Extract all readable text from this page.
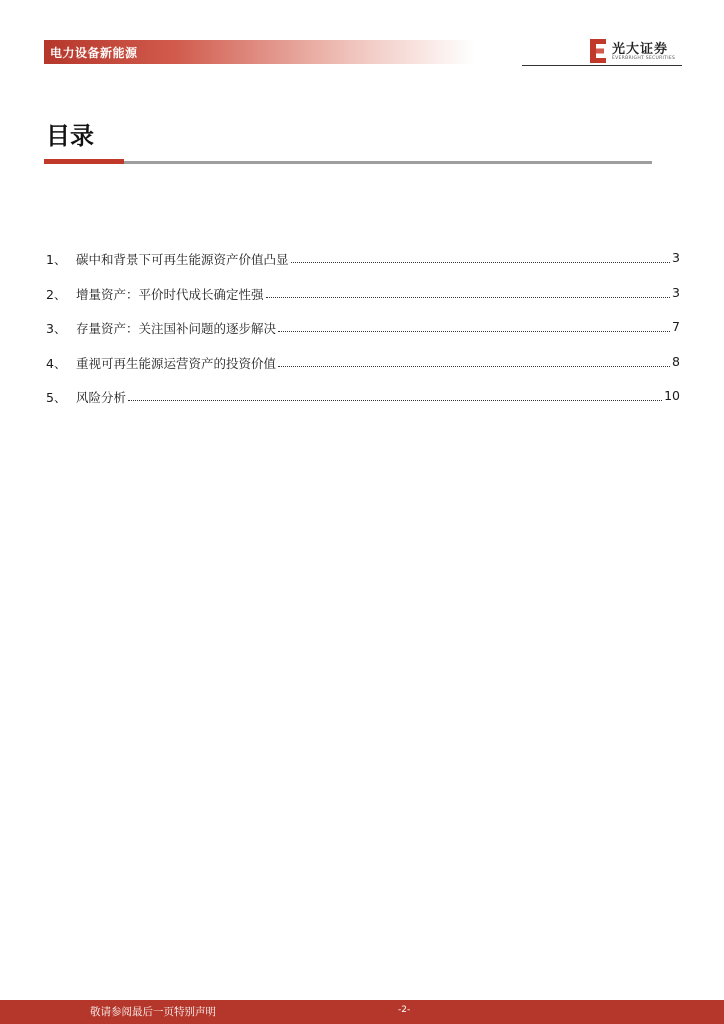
电力设备新能源	光大证券
EVERBRIGHT SECURITIES
目录
1、 碳中和背景下可再生能源资产价值凸显	3
2、 增量资产：平价时代成长确定性强	3
3、 存量资产：关注国补问题的逐步解决	7
4、 重视可再生能源运营资产的投资价值	8
5、 风险分析	10
敬请参阅最后一页特别声明	-2-
